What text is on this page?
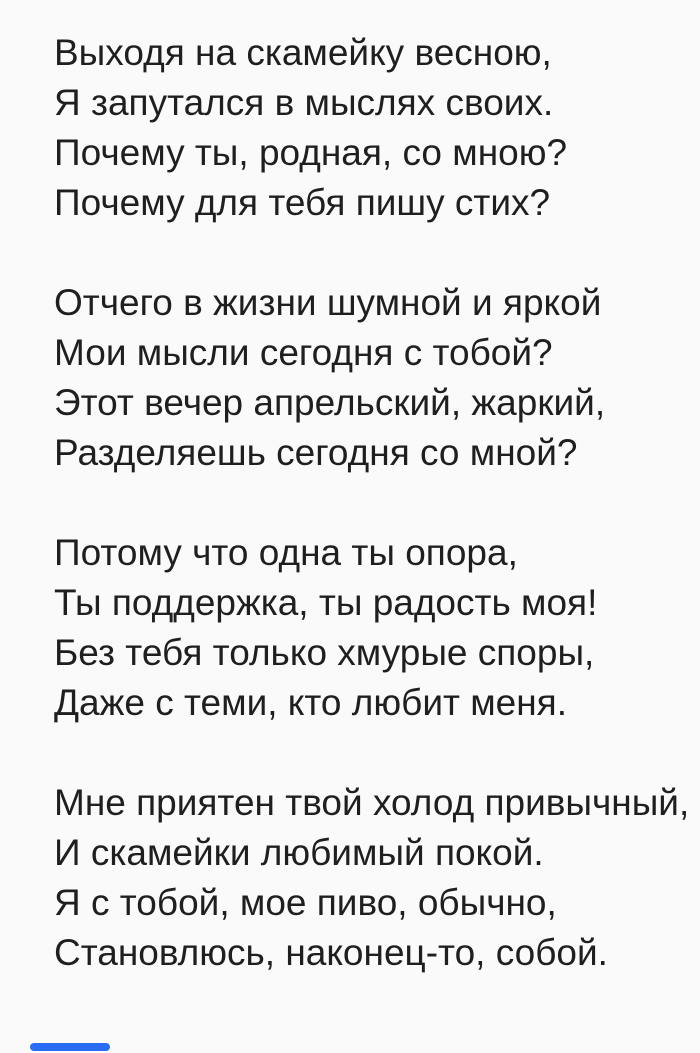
Выходя на скамейку весною,
Я запутался в мыслях своих.
Почему ты, родная, со мною?
Почему для тебя пишу стих?

Отчего в жизни шумной и яркой
Мои мысли сегодня с тобой?
Этот вечер апрельский, жаркий,
Разделяешь сегодня со мной?

Потому что одна ты опора,
Ты поддержка, ты радость моя!
Без тебя только хмурые споры,
Даже с теми, кто любит меня.

Мне приятен твой холод привычный,
И скамейки любимый покой.
Я с тобой, мое пиво, обычно,
Становлюсь, наконец-то, собой.
